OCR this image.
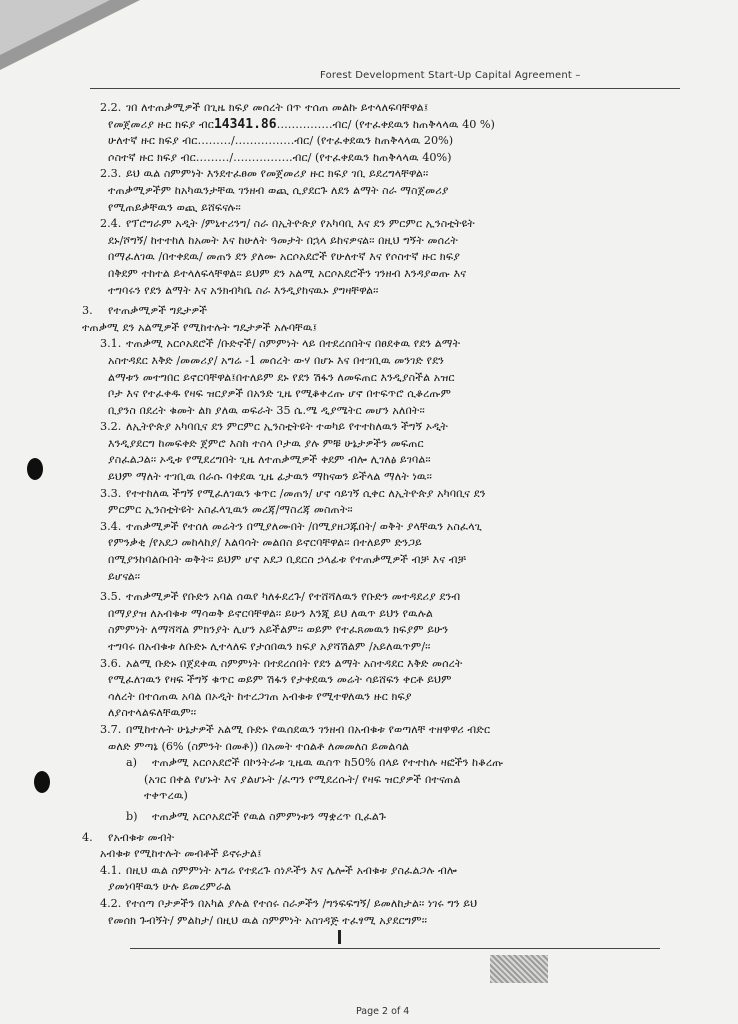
Forest Development Start-Up Capital Agreement –
2.2. ገበ ለተጠቃሚዎች በጊዜ ክፍያ መሰረት በጥ ተሰጠ መልኩ ይተላለፍባቸዋል፤
የመጀመሪያ ዙር ክፍያ ብር14341.86……………ብር/ (የተፈቀደዉን ከጠቅላላዉ 40 %)
ሁለተኛ ዙር ክፍያ ብር………/…………….ብር/ (የተፈቀደዉን ከጠቅላላዉ 20%)
ሶስተኛ ዙር ክፍያ ብር………/…………….ብር/ (የተፈቀደዉን ከጠቅላላዉ 40%)
2.3. ይህ ዉል ስምምነት እንደተፈፀመ የመጀመሪያ ዙር ክፍያ ገቢ ይደረግላቸዋል፡፡
ተጠቃሚዎችም ከአካዉንታቸዉ ገንዘብ ወጪ ሲያደርጉ ለደን ልማት ስራ ማስጀመሪያ
የሚጠይቃቸዉን ወጪ ይሸፍናሉ፡፡
2.4. የፕሮግራም አዲት /ምኒተሪንግ/ ስራ በኢትዮጵያ የአካባቢ እና ደን ምርምር ኢንስቲትዩት
ደኑ/ሾግኝ/ ከተተከለ ከአመት እና ከሁለት ዓመታት በኋላ ይከናዎናል፡፡ በዚህ ግኝት መሰረት
በማፈለገዉ /በተቀደዉ/ መጠን ደን ያለሙ አርሶአደሮች የሁለተኛ እና የሶስተኛ ዙር ክፍያ
በቅደም ተከተል ይተላለፍላቸዋል፡፡ ይህም ደን አልሚ አርሶአደሮችን ገንዘብ እንዳያወጡ እና
ተግባሩን የደን ልማት እና አንክብካቤ ስራ እንዲያከናዉኑ ያግዛቸዋል፡፡
3. የተጠቃሚዎች ግዴታዎች
ተጠቃሚ ደን አልሚዎች የሚከተሉት ግዴታዎች አሉባቸዉ፤
3.1. ተጠቃሚ አርሶአደሮች /ቡድኖች/ ስምምነት ላይ በተደረሰበትና በፀደቀዉ የደን ልማት
አስተዳደር እቅድ /መመሪያ/ አግሬ -1 መሰረት ውሃ በሆኑ እና በተገቢዉ መንገድ የደን
ልማቱን መተግበር ይኖርባቸዋል፤በተለይም ደኑ የደን ሽፋን ለመፍጠር እንዲያስችል አዝር
ቦታ እና የተፈቀዱ የዛፍ ዝርያዎች በአንድ ጊዜ የሚቆቀረጡ ሆኖ በተፍጥሮ ሲቆረጡም
ቢያንስ በደረት ቁመት ልክ ያለዉ ወፍራት 35 ሴ.ሜ ዲያሜትር መሆን አለበት፡፡
3.2. ለኢትዮጵያ አካባቢና ደን ምርምር ኢንስቲትዩት ተወካይ የተተከለዉን ችግኝ ኦዲት
እንዲያደርግ ከመፍቀድ ጀምሮ እስከ ተስላ ቦታዉ ያሉ ምቹ ሁኔታዎችን መፍጠር
ያስፈልጋል፡፡ ኦዲቱ የሚደረግበት ጊዜ ለተጠቃሚዎች ቀደም ብሎ ሊገለፅ ይገባል፡፡
ይህም ማለት ተገቢዉ በራሱ ባቀደዉ ጊዜ ፊታዉን ማከናወን ይችላል ማለት ነዉ፡፡
3.3. የተተከለዉ ችግኝ የሚፈለገዉን ቁጥር /መጠን/ ሆኖ ሳይገኝ ሲቀር ለኢትዮጵያ አካባቢና ደን
ምርምር ኢንስቲትዩት አስፈላጊዉን መረጃ/ማስረጃ መስጠት፡፡
3.4. ተጠቃሚዎች የተሰለ መሬትን በሚያለሙበት /በሚያዘጋጁበት/ ወቅት ያላቸዉን አስፈላጊ
የምንቃቂ /የአደጋ መከላከያ/ እልባሳት መልበስ ይኖርባቸዋል፡፡ በተለይም ድንጋይ
በሚያንከባልቡበት ወቅት፡፡ ይህም ሆኖ አደጋ ቢደርስ ኃላፊቱ የተጠቃሚዎች ብቻ እና ብቻ
ይሆናል፡፡
3.5. ተጠቃሚዎች የቡድን አባል ሰዉየ ካለፉደረጉ/ የተሸሻለዉን የቡድን መተዳደሪያ ደንብ
በማያያዝ ለአብቁቱ ማሳወቅ ይኖርባቸዋል፡፡ ይሁን እንጂ ይህ ለዉጥ ይህን የዉሉል
ስምምነት ለማሻሻል ምክንያት ሊሆን አይችልም፡፡ ወይም የተፈጸመዉን ክፍያም ይሁን
ተግባሩ በአብቁቱ ለቡድኑ ሊተላለፍ የታሰበዉን ክፍያ አያሻሽልም /አይለዉጥም/፡፡
3.6. አልሚ ቡድኑ በጀደቀዉ ስምምነት በተደረሰበት የደን ልማት አስተዳደር እቅድ መሰረት
የሚፈለገዉን የዛፍ ችግኝ ቁጥር ወይም ሽፋን የታቀደዉን መሬት ሳይሸፍን ቀርቶ ይህም
ሳለረት በተሰጠዉ አባል በኦዲት ከተረጋገጠ አብቁቱ የሚተዋለዉን ዙር ክፍያ
ለያስተላልፍለቸዉም፡፡
3.7. በሚከተሉት ሁኔታዎች አልሚ ቡድኑ የዉሰደዉን ገንዘብ በአብቁቱ የወጣለቸ ተዘዋዋሪ ብድር
ወለድ ምጣኔ (6% (ስምንት በመቶ)) በአመት ተሰልቶ ለመመለስ ይመልሳል
a) ተጠቃሚ አርሶአደሮች በኮንትራቱ ጊዜዉ ዉስጥ ከ50% በላይ የተተከሉ ዛፎችን ከቆረጡ
(አገር በቀል የሆኑት እና ያልሆኑት /ፈጣን የሚደረሱት/ የዛፍ ዝርያዎች በተናጠል
ተቀጥረዉ)
b) ተጠቃሚ አርሶአደሮች የዉል ስምምነቱን ማቋረጥ ቢፈልጉ
4. የአብቁቱ መብት
አብቁቱ የሚከተሉት መብቶች ይኖሩታል፤
4.1. በዚህ ዉል ስምምነት አግሬ የተደረጉ ሰነዶችን እና ሌሎች አብቁቱ ያስፈልጋሉ ብሎ
ያመነባቸዉን ሁሉ ይመረምራል
4.2. የተሰጣ ቦታዎችን በአካል ያሉል የተሰሩ ስራዎችን /ግንፍፍግኝ/ ይመለከታል፡፡ ነገሩ ግን ይህ
የመሰክ ጉብኝት/ ምልከታ/ በዚህ ዉል ስምምነት አስገዳጅ ተፈፃሚ አያደርግም፡፡
Page 2 of 4
